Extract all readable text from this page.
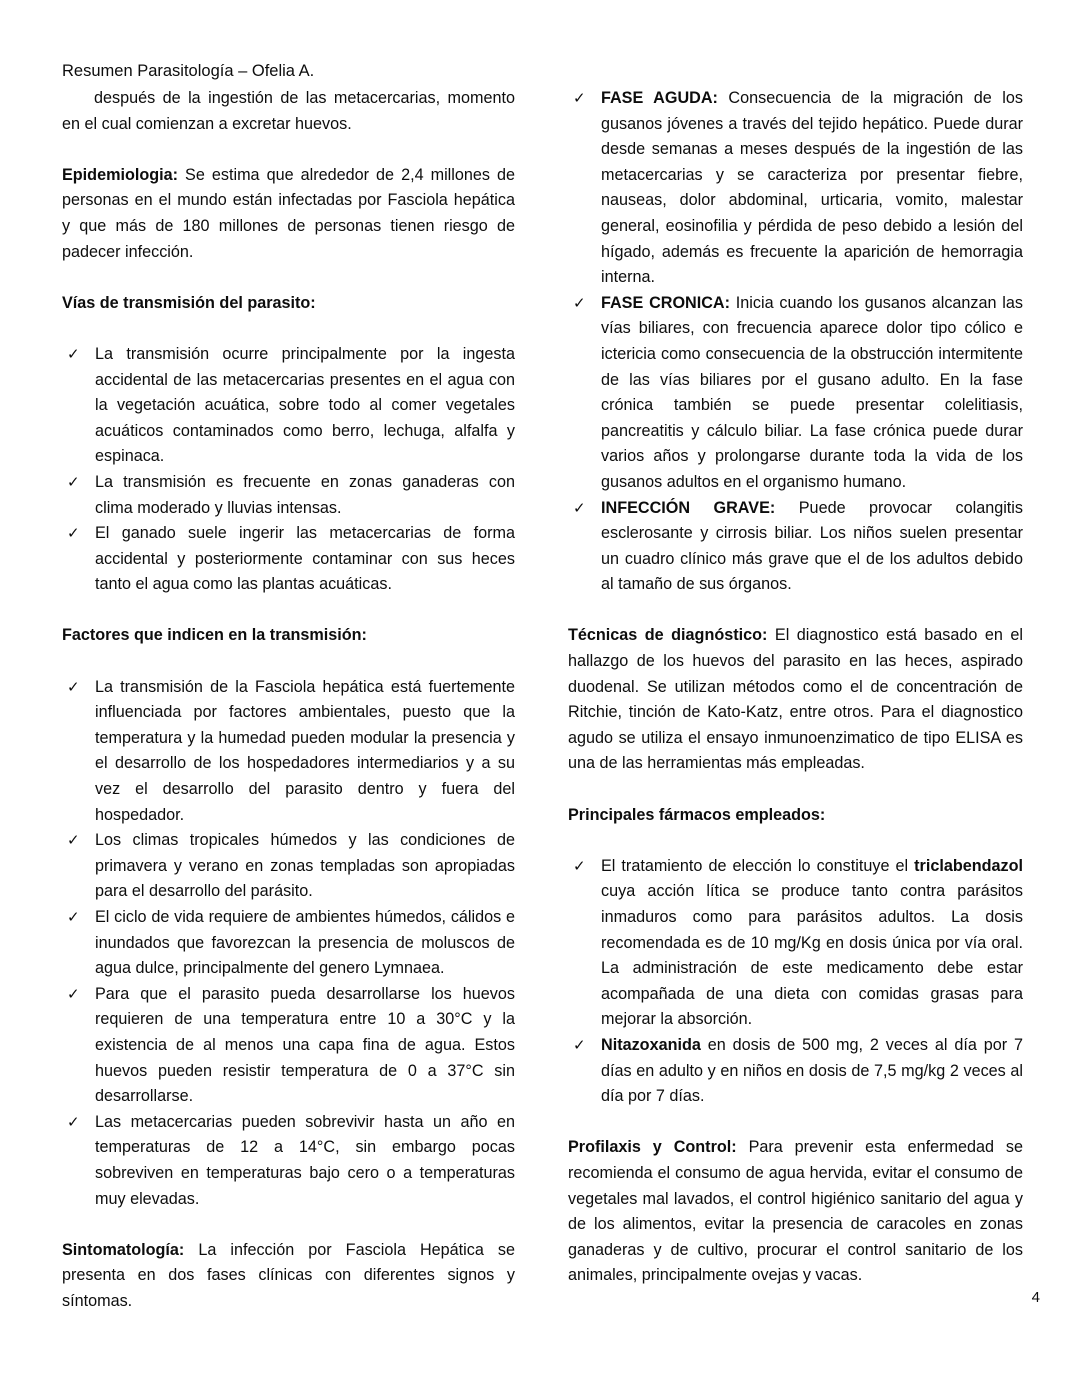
Resumen Parasitología – Ofelia A.

después de la ingestión de las metacercarias, momento en el cual comienzan a excretar huevos.

Epidemiologia: Se estima que alrededor de 2,4 millones de personas en el mundo están infectadas por Fasciola hepática y que más de 180 millones de personas tienen riesgo de padecer infección.

Vías de transmisión del parasito:
✓ La transmisión ocurre principalmente por la ingesta accidental de las metacercarias presentes en el agua con la vegetación acuática, sobre todo al comer vegetales acuáticos contaminados como berro, lechuga, alfalfa y espinaca.
✓ La transmisión es frecuente en zonas ganaderas con clima moderado y lluvias intensas.
✓ El ganado suele ingerir las metacercarias de forma accidental y posteriormente contaminar con sus heces tanto el agua como las plantas acuáticas.
Factores que indicen en la transmisión:
✓ La transmisión de la Fasciola hepática está fuertemente influenciada por factores ambientales, puesto que la temperatura y la humedad pueden modular la presencia y el desarrollo de los hospedadores intermediarios y a su vez el desarrollo del parasito dentro y fuera del hospedador.
✓ Los climas tropicales húmedos y las condiciones de primavera y verano en zonas templadas son apropiadas para el desarrollo del parásito.
✓ El ciclo de vida requiere de ambientes húmedos, cálidos e inundados que favorezcan la presencia de moluscos de agua dulce, principalmente del genero Lymnaea.
✓ Para que el parasito pueda desarrollarse los huevos requieren de una temperatura entre 10 a 30°C y la existencia de al menos una capa fina de agua. Estos huevos pueden resistir temperatura de 0 a 37°C sin desarrollarse.
✓ Las metacercarias pueden sobrevivir hasta un año en temperaturas de 12 a 14°C, sin embargo pocas sobreviven en temperaturas bajo cero o a temperaturas muy elevadas.

Sintomatología: La infección por Fasciola Hepática se presenta en dos fases clínicas con diferentes signos y síntomas.

✓ FASE AGUDA: Consecuencia de la migración de los gusanos jóvenes a través del tejido hepático. Puede durar desde semanas a meses después de la ingestión de las metacercarias y se caracteriza por presentar fiebre, nauseas, dolor abdominal, urticaria, vomito, malestar general, eosinofilia y pérdida de peso debido a lesión del hígado, además es frecuente la aparición de hemorragia interna.
✓ FASE CRONICA: Inicia cuando los gusanos alcanzan las vías biliares, con frecuencia aparece dolor tipo cólico e ictericia como consecuencia de la obstrucción intermitente de las vías biliares por el gusano adulto. En la fase crónica también se puede presentar colelitiasis, pancreatitis y cálculo biliar. La fase crónica puede durar varios años y prolongarse durante toda la vida de los gusanos adultos en el organismo humano.
✓ INFECCIÓN GRAVE: Puede provocar colangitis esclerosante y cirrosis biliar. Los niños suelen presentar un cuadro clínico más grave que el de los adultos debido al tamaño de sus órganos.

Técnicas de diagnóstico: El diagnostico está basado en el hallazgo de los huevos del parasito en las heces, aspirado duodenal. Se utilizan métodos como el de concentración de Ritchie, tinción de Kato-Katz, entre otros. Para el diagnostico agudo se utiliza el ensayo inmunoenzimatico de tipo ELISA es una de las herramientas más empleadas.

Principales fármacos empleados:
✓ El tratamiento de elección lo constituye el triclabendazol cuya acción lítica se produce tanto contra parásitos inmaduros como para parásitos adultos. La dosis recomendada es de 10 mg/Kg en dosis única por vía oral. La administración de este medicamento debe estar acompañada de una dieta con comidas grasas para mejorar la absorción.
✓ Nitazoxanida en dosis de 500 mg, 2 veces al día por 7 días en adulto y en niños en dosis de 7,5 mg/kg 2 veces al día por 7 días.

Profilaxis y Control: Para prevenir esta enfermedad se recomienda el consumo de agua hervida, evitar el consumo de vegetales mal lavados, el control higiénico sanitario del agua y de los alimentos, evitar la presencia de caracoles en zonas ganaderas y de cultivo, procurar el control sanitario de los animales, principalmente ovejas y vacas.

4
